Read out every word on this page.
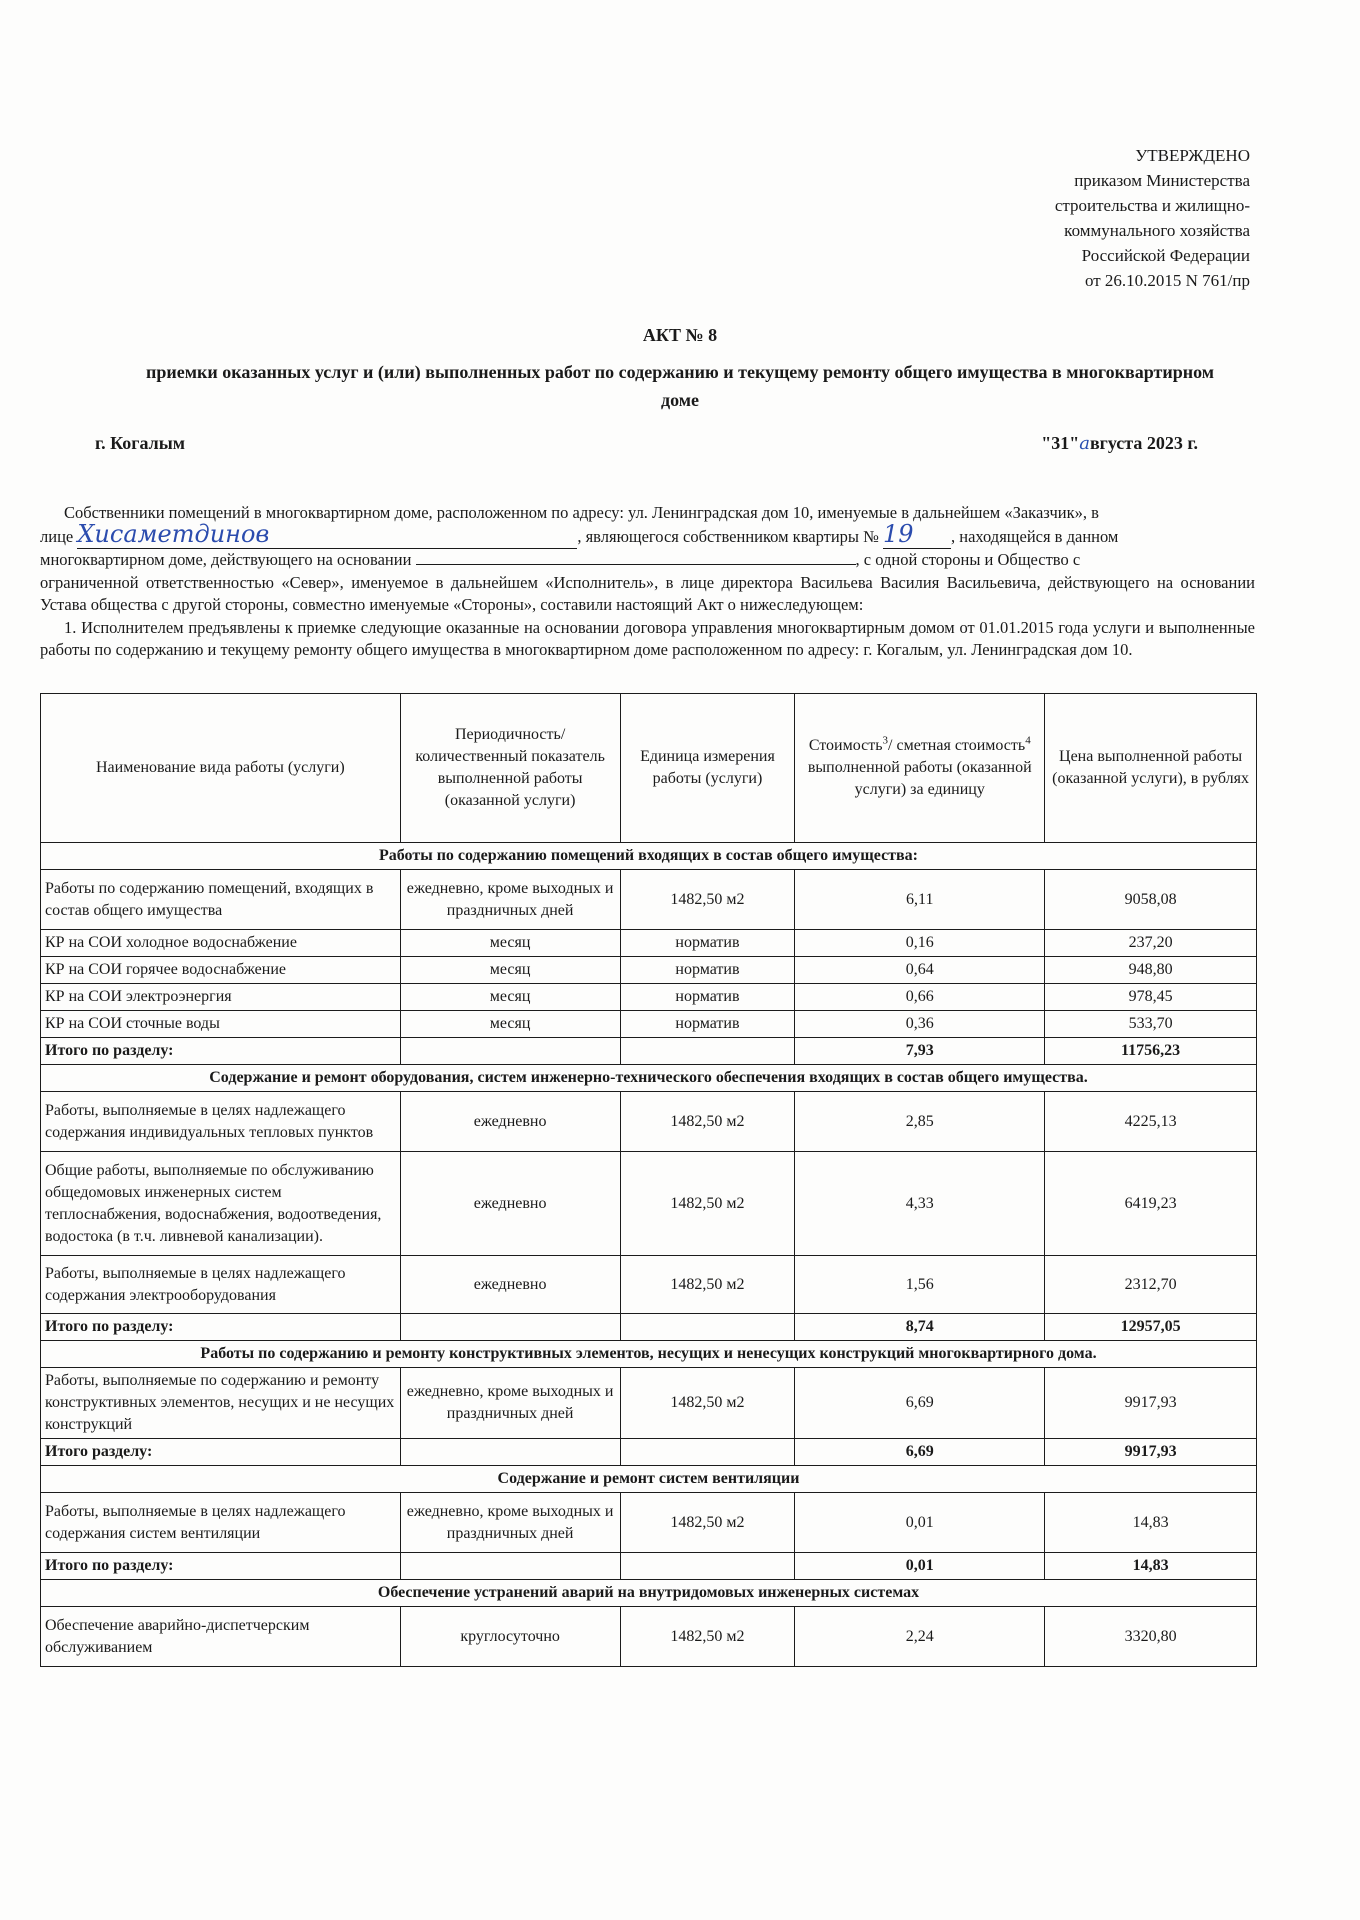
УТВЕРЖДЕНО
приказом Министерства
строительства и жилищно-
коммунального хозяйства
Российской Федерации
от 26.10.2015 N 761/пр
АКТ № 8
приемки оказанных услуг и (или) выполненных работ по содержанию и текущему ремонту общего имущества в многоквартирном доме
г. Когалым	"31"августа 2023 г.

Собственники помещений в многоквартирном доме, расположенном по адресу: ул. Ленинградская дом 10, именуемые в дальнейшем «Заказчик», в
лице Хисаметдинов	, являющегося собственником квартиры № 19 , находящейся в данном
многоквартирном доме, действующего на основании	, с одной стороны и Общество с
ограниченной ответственностью «Север», именуемое в дальнейшем «Исполнитель», в лице директора Васильева Василия Васильевича, действующего на основании Устава общества с другой стороны, совместно именуемые «Стороны», составили настоящий Акт о нижеследующем:

1. Исполнителем предъявлены к приемке следующие оказанные на основании договора управления многоквартирным домом от 01.01.2015 года услуги и выполненные работы по содержанию и текущему ремонту общего имущества в многоквартирном доме расположенном по адресу: г. Когалым, ул. Ленинградская дом 10.

Наименование вида работы (услуги)	Периодичность/ количественный показатель выполненной работы (оказанной услуги)	Единица измерения работы (услуги)	Стоимость$^3$/ сметная стоимость$^4$ выполненной работы (оказанной услуги) за единицу	Цена выполненной работы (оказанной услуги), в рублях
Работы по содержанию помещений входящих в состав общего имущества:				
Работы по содержанию помещений, входящих в состав общего имущества	ежедневно, кроме выходных и праздничных дней	1482,50 м2	6,11	9058,08
КР на СОИ холодное водоснабжение	месяц	норматив	0,16	237,20
КР на СОИ горячее водоснабжение	месяц	норматив	0,64	948,80
КР на СОИ электроэнергия	месяц	норматив	0,66	978,45
КР на СОИ сточные воды	месяц	норматив	0,36	533,70
Итого по разделу:			7,93	11756,23
Содержание и ремонт оборудования, систем инженерно-технического обеспечения входящих в состав общего имущества.				
Работы, выполняемые в целях надлежащего содержания индивидуальных тепловых пунктов	ежедневно	1482,50 м2	2,85	4225,13
Общие работы, выполняемые по обслуживанию общедомовых инженерных систем теплоснабжения, водоснабжения, водоотведения, водостока (в т.ч. ливневой канализации).	ежедневно	1482,50 м2	4,33	6419,23
Работы, выполняемые в целях надлежащего содержания электрооборудования	ежедневно	1482,50 м2	1,56	2312,70
Итого по разделу:			8,74	12957,05
Работы по содержанию и ремонту конструктивных элементов, несущих и ненесущих конструкций многоквартирного дома.				
Работы, выполняемые по содержанию и ремонту конструктивных элементов, несущих и не несущих конструкций	ежедневно, кроме выходных и праздничных дней	1482,50 м2	6,69	9917,93
Итого разделу:			6,69	9917,93
Содержание и ремонт систем вентиляции				
Работы, выполняемые в целях надлежащего содержания систем вентиляции	ежедневно, кроме выходных и праздничных дней	1482,50 м2	0,01	14,83
Итого по разделу:			0,01	14,83
Обеспечение устранений аварий на внутридомовых инженерных системах				
Обеспечение аварийно-диспетчерским обслуживанием	круглосуточно	1482,50 м2	2,24	3320,80
